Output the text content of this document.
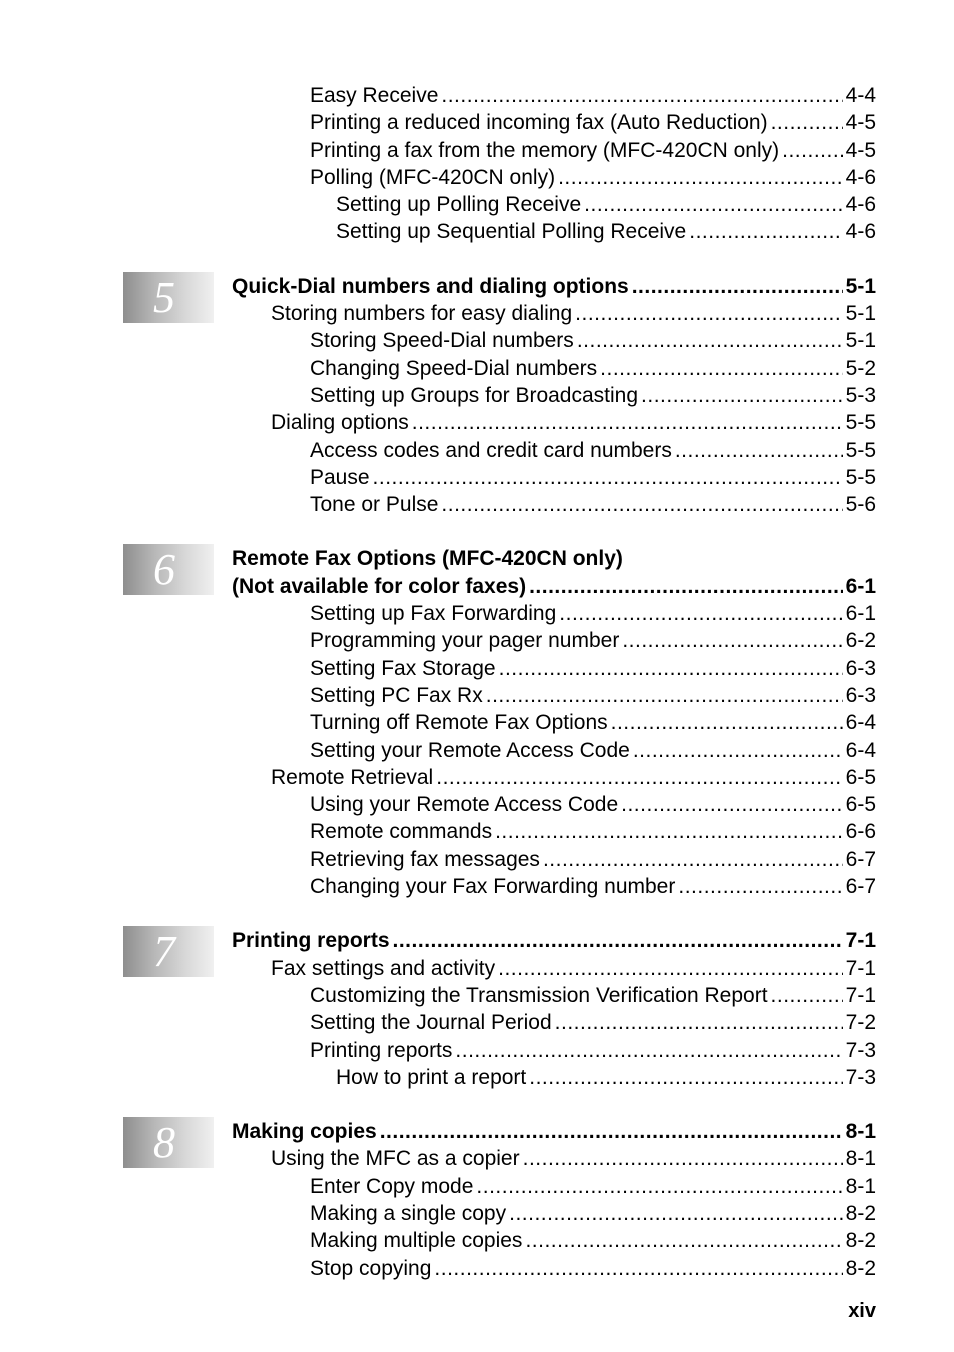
Easy Receive .....	4-4
Printing a reduced incoming fax (Auto Reduction) .....	4-5
Printing a fax from the memory (MFC-420CN only) .....	4-5
Polling (MFC-420CN only) .....	4-6
Setting up Polling Receive .....	4-6
Setting up Sequential Polling Receive .....	4-6
5	Quick-Dial numbers and dialing options .....	5-1
Storing numbers for easy dialing .....	5-1
Storing Speed-Dial numbers .....	5-1
Changing Speed-Dial numbers .....	5-2
Setting up Groups for Broadcasting .....	5-3
Dialing options .....	5-5
Access codes and credit card numbers .....	5-5
Pause .....	5-5
Tone or Pulse .....	5-6
6	Remote Fax Options (MFC-420CN only)
(Not available for color faxes) .....	6-1
Setting up Fax Forwarding .....	6-1
Programming your pager number .....	6-2
Setting Fax Storage .....	6-3
Setting PC Fax Rx .....	6-3
Turning off Remote Fax Options .....	6-4
Setting your Remote Access Code .....	6-4
Remote Retrieval .....	6-5
Using your Remote Access Code .....	6-5
Remote commands .....	6-6
Retrieving fax messages .....	6-7
Changing your Fax Forwarding number .....	6-7
7	Printing reports .....	7-1
Fax settings and activity .....	7-1
Customizing the Transmission Verification Report .....	7-1
Setting the Journal Period .....	7-2
Printing reports .....	7-3
How to print a report .....	7-3
8	Making copies .....	8-1
Using the MFC as a copier .....	8-1
Enter Copy mode .....	8-1
Making a single copy .....	8-2
Making multiple copies .....	8-2
Stop copying .....	8-2
xiv
